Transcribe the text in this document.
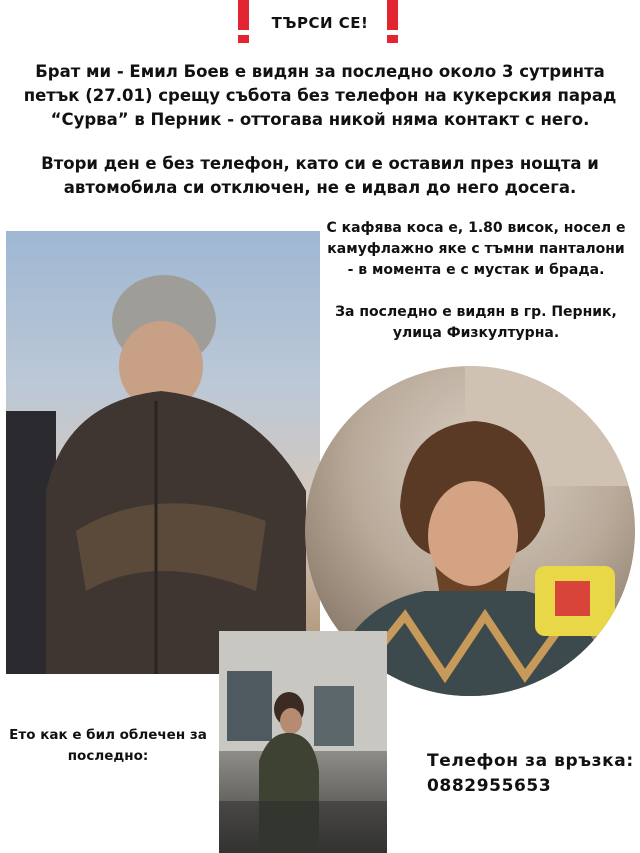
ТЪРСИ СЕ!
Брат ми - Емил Боев е видян за последно около 3 сутринта
петък (27.01) срещу събота без телефон на кукерския парад
“Сурва” в Перник - оттогава никой няма контакт с него.
Втори ден е без телефон, като си е оставил през нощта и
автомобила си отключен, не е идвал до него досега.
С кафява коса е, 1.80 висок, носел е
камуфлажно яке с тъмни панталони
- в момента е с мустак и брада.
За последно е видян в гр. Перник,
улица Физкултурна.
Ето как е бил облечен за
последно:	Телефон за връзка:
0882955653
